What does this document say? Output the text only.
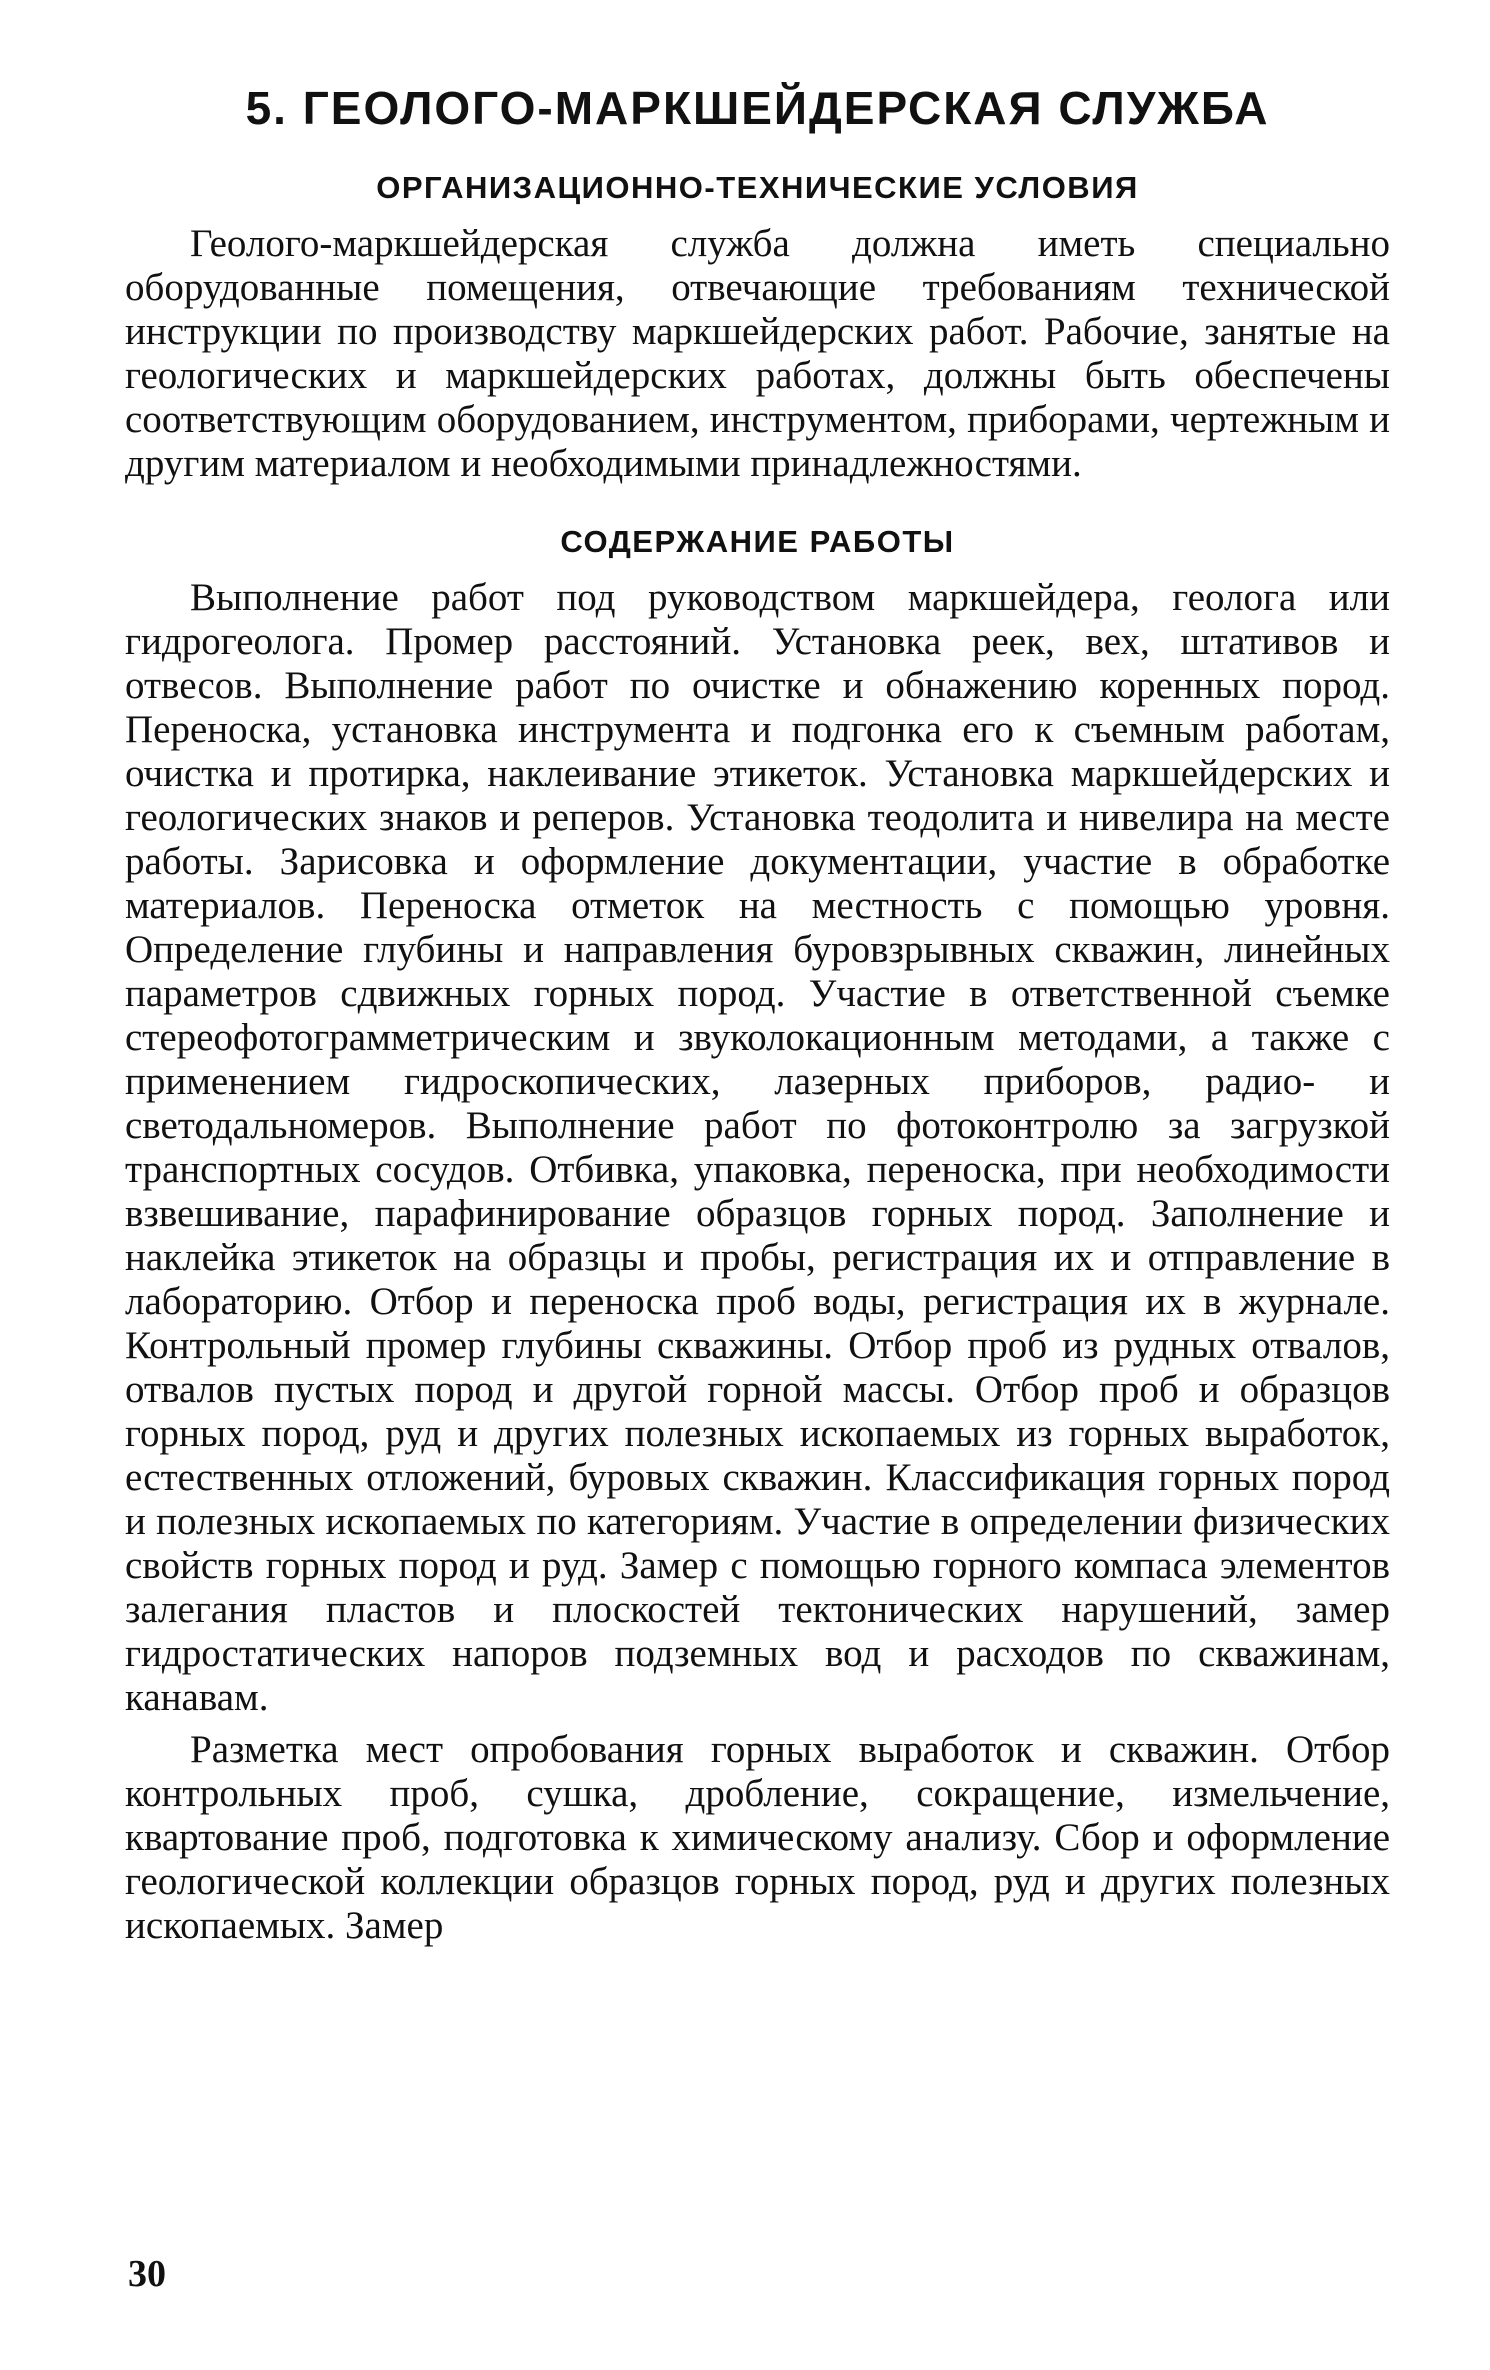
5. ГЕОЛОГО-МАРКШЕЙДЕРСКАЯ СЛУЖБА
ОРГАНИЗАЦИОННО-ТЕХНИЧЕСКИЕ УСЛОВИЯ

Геолого-маркшейдерская служба должна иметь специально оборудованные помещения, отвечающие требованиям технической инструкции по производству маркшейдерских работ. Рабочие, занятые на геологических и маркшейдерских работах, должны быть обеспечены соответствующим оборудованием, инструментом, приборами, чертежным и другим материалом и необходимыми принадлежностями.

СОДЕРЖАНИЕ РАБОТЫ

Выполнение работ под руководством маркшейдера, геолога или гидрогеолога. Промер расстояний. Установка реек, вех, штативов и отвесов. Выполнение работ по очистке и обнажению коренных пород. Переноска, установка инструмента и подгонка его к съемным работам, очистка и протирка, наклеивание этикеток. Установка маркшейдерских и геологических знаков и реперов. Установка теодолита и нивелира на месте работы. Зарисовка и оформление документации, участие в обработке материалов. Переноска отметок на местность с помощью уровня. Определение глубины и направления буровзрывных скважин, линейных параметров сдвижных горных пород. Участие в ответственной съемке стереофотограмметрическим и звуколокационным методами, а также с применением гидроскопических, лазерных приборов, радио- и светодальномеров. Выполнение работ по фотоконтролю за загрузкой транспортных сосудов. Отбивка, упаковка, переноска, при необходимости взвешивание, парафинирование образцов горных пород. Заполнение и наклейка этикеток на образцы и пробы, регистрация их и отправление в лабораторию. Отбор и переноска проб воды, регистрация их в журнале. Контрольный промер глубины скважины. Отбор проб из рудных отвалов, отвалов пустых пород и другой горной массы. Отбор проб и образцов горных пород, руд и других полезных ископаемых из горных выработок, естественных отложений, буровых скважин. Классификация горных пород и полезных ископаемых по категориям. Участие в определении физических свойств горных пород и руд. Замер с помощью горного компаса элементов залегания пластов и плоскостей тектонических нарушений, замер гидростатических напоров подземных вод и расходов по скважинам, канавам.

Разметка мест опробования горных выработок и скважин. Отбор контрольных проб, сушка, дробление, сокращение, измельчение, квартование проб, подготовка к химическому анализу. Сбор и оформление геологической коллекции образцов горных пород, руд и других полезных ископаемых. Замер

30
